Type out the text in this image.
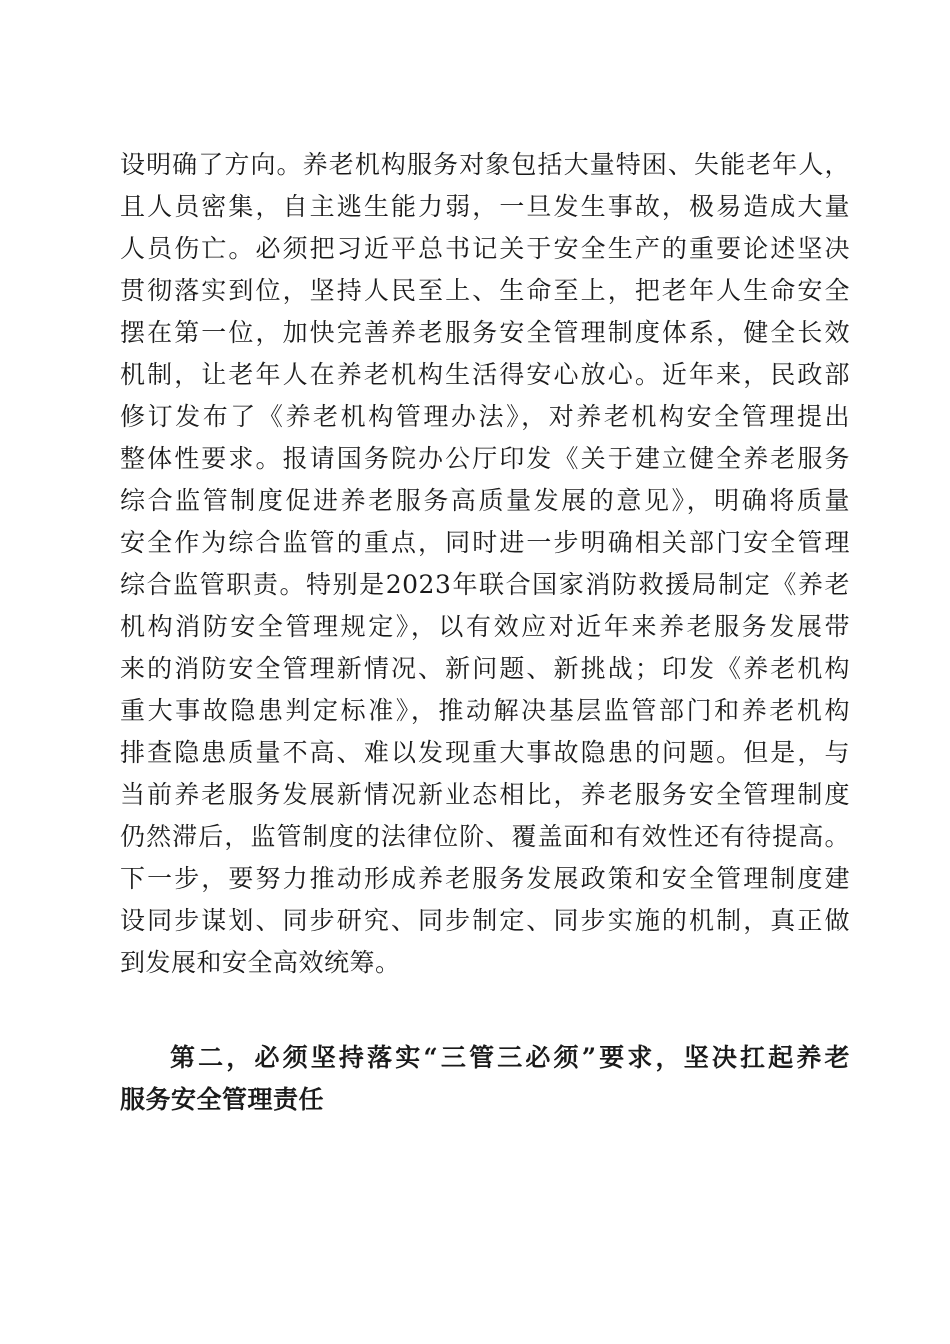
设明确了方向。养老机构服务对象包括大量特困、失能老年人，
且人员密集，自主逃生能力弱，一旦发生事故，极易造成大量
人员伤亡。必须把习近平总书记关于安全生产的重要论述坚决
贯彻落实到位，坚持人民至上、生命至上，把老年人生命安全
摆在第一位，加快完善养老服务安全管理制度体系，健全长效
机制，让老年人在养老机构生活得安心放心。近年来，民政部
修订发布了《养老机构管理办法》，对养老机构安全管理提出
整体性要求。报请国务院办公厅印发《关于建立健全养老服务
综合监管制度促进养老服务高质量发展的意见》，明确将质量
安全作为综合监管的重点，同时进一步明确相关部门安全管理
综合监管职责。特别是2023年联合国家消防救援局制定《养老
机构消防安全管理规定》，以有效应对近年来养老服务发展带
来的消防安全管理新情况、新问题、新挑战；印发《养老机构
重大事故隐患判定标准》，推动解决基层监管部门和养老机构
排查隐患质量不高、难以发现重大事故隐患的问题。但是，与
当前养老服务发展新情况新业态相比，养老服务安全管理制度
仍然滞后，监管制度的法律位阶、覆盖面和有效性还有待提高。
下一步，要努力推动形成养老服务发展政策和安全管理制度建
设同步谋划、同步研究、同步制定、同步实施的机制，真正做
到发展和安全高效统筹。
第二，必须坚持落实“三管三必须”要求，坚决扛起养老
服务安全管理责任
